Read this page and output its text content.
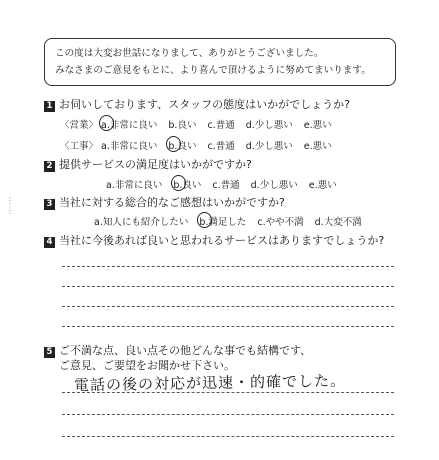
この度は大変お世話になりまして、ありがとうございました。
みなさまのご意見をもとに、より喜んで頂けるように努めてまいります。
1 お伺いしております、スタッフの態度はいかがでしょうか?
〈営業〉 a.非常に良い b.良い c.普通 d.少し悪い e.悪い
〈工事〉 a.非常に良い b.良い c.普通 d.少し悪い e.悪い
2 提供サービスの満足度はいかがですか?
a.非常に良い b.良い c.普通 d.少し悪い e.悪い
3 当社に対する総合的なご感想はいかがですか?
a.知人にも紹介したい b.満足した c.やや不満 d.大変不満
4 当社に今後あれば良いと思われるサービスはありますでしょうか?
5 ご不満な点、良い点その他どんな事でも結構です、
ご意見、ご要望をお聞かせ下さい。
電話の後の対応が迅速・的確でした。
⋮
⋮
